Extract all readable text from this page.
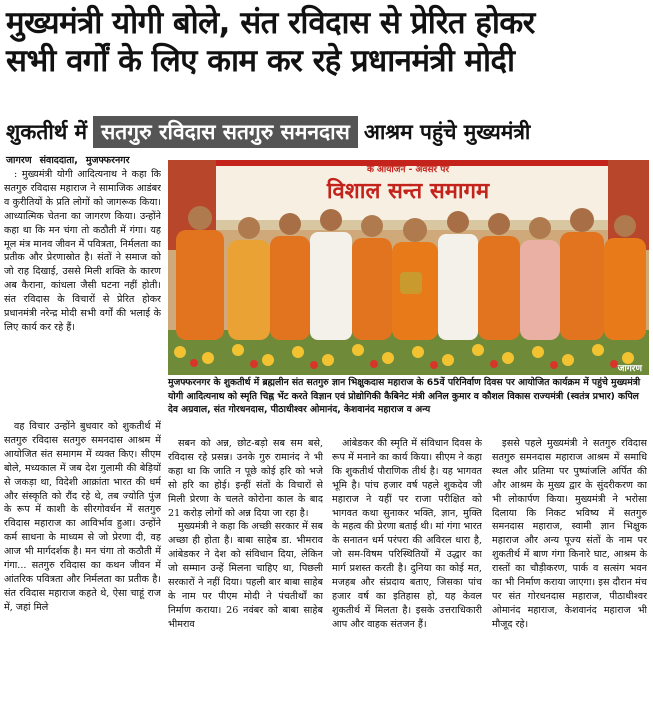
मुख्यमंत्री योगी बोले, संत रविदास से प्रेरित होकर
सभी वर्गों के लिए काम कर रहे प्रधानमंत्री मोदी
शुकतीर्थ में सतगुरु रविदास सतगुरु समनदास आश्रम पहुंचे मुख्यमंत्री
जागरण संवाददाता, मुजफ्फरनगर

: मुख्यमंत्री योगी आदित्यनाथ ने कहा कि सतगुरु रविदास महाराज ने सामाजिक आडंबर व कुरीतियों के प्रति लोगों को जागरूक किया। आध्यात्मिक चेतना का जागरण किया। उन्होंने कहा था कि मन चंगा तो कठौती में गंगा। यह मूल मंत्र मानव जीवन में पवित्रता, निर्मलता का प्रतीक और प्रेरणास्रोत है। संतों ने समाज को जो राह दिखाई, उससे मिली शक्ति के कारण अब कैराना, कांधला जैसी घटना नहीं होती। संत रविदास के विचारों से प्रेरित होकर प्रधानमंत्री नरेन्द्र मोदी सभी वर्गों की भलाई के लिए कार्य कर रहे हैं।

वह विचार उन्होंने बुधवार को शुकतीर्थ में सतगुरु रविदास सतगुरु समनदास आश्रम में आयोजित संत समागम में व्यक्त किए। सीएम बोले, मध्यकाल में जब देश गुलामी की बेड़ियों से जकड़ा था, विदेशी आक्रांता भारत की धर्म और संस्कृति को रौंद रहे थे, तब ज्योति पुंज के रूप में काशी के सीरगोवर्धन में सतगुरु रविदास महाराज का आविर्भाव हुआ। उन्होंने कर्म साधना के माध्यम से जो प्रेरणा दी, वह आज भी मार्गदर्शक है। मन चंगा तो कठौती में गंगा... सतगुरु रविदास का कथन जीवन में आंतरिक पवित्रता और निर्मलता का प्रतीक है। संत रविदास महाराज कहते थे, ऐसा चाहूं राज में, जहां मिले

के आयोजन - अवसर पर
विशाल सन्त समागम
जागरण
मुजफ्फरनगर के शुकतीर्थ में ब्रह्मलीन संत सतगुरु ज्ञान भिक्षुकदास महाराज के 65वें परिनिर्वाण दिवस पर आयोजित कार्यक्रम में पहुंचे मुख्यमंत्री योगी आदित्यनाथ को स्मृति चिह्न भेंट करते विज्ञान एवं प्रोद्योगिकी कैबिनेट मंत्री अनिल कुमार व कौशल विकास राज्यमंत्री (स्वतंत्र प्रभार) कपिल देव अग्रवाल, संत गोरधनदास, पीठाधीश्वर ओमानंद, केशवानंद महाराज व अन्य

सबन को अन्न, छोट-बड़ो सब सम बसे, रविदास रहे प्रसन्न। उनके गुरु रामानंद ने भी कहा था कि जाति न पूछे कोई हरि को भजे सो हरि का होई। इन्हीं संतों के विचारों से मिली प्रेरणा के चलते कोरोना काल के बाद 21 करोड़ लोगों को अन्न दिया जा रहा है।

मुख्यमंत्री ने कहा कि अच्छी सरकार में सब अच्छा ही होता है। बाबा साहेब डा. भीमराव आंबेडकर ने देश को संविधान दिया, लेकिन जो सम्मान उन्हें मिलना चाहिए था, पिछली सरकारों ने नहीं दिया। पहली बार बाबा साहेब के नाम पर पीएम मोदी ने पंचतीर्थों का निर्माण कराया। 26 नवंबर को बाबा साहेब भीमराव

आंबेडकर की स्मृति में संविधान दिवस के रूप में मनाने का कार्य किया। सीएम ने कहा कि शुकतीर्थ पौराणिक तीर्थ है। यह भागवत भूमि है। पांच हजार वर्ष पहले शुकदेव जी महाराज ने यहीं पर राजा परीक्षित को भागवत कथा सुनाकर भक्ति, ज्ञान, मुक्ति के महत्व की प्रेरणा बताई थी। मां गंगा भारत के सनातन धर्म परंपरा की अविरल धारा है, जो सम-विषम परिस्थितियों में उद्धार का मार्ग प्रशस्त करती है। दुनिया का कोई मत, मजहब और संप्रदाय बताए, जिसका पांच हजार वर्ष का इतिहास हो, यह केवल शुकतीर्थ में मिलता है। इसके उत्तराधिकारी आप और वाहक संतजन हैं।

इससे पहले मुख्यमंत्री ने सतगुरु रविदास सतगुरु समनदास महाराज आश्रम में समाधि स्थल और प्रतिमा पर पुष्पांजलि अर्पित की और आश्रम के मुख्य द्वार के सुंदरीकरण का भी लोकार्पण किया। मुख्यमंत्री ने भरोसा दिलाया कि निकट भविष्य में सतगुरु समनदास महाराज, स्वामी ज्ञान भिक्षुक महाराज और अन्य पूज्य संतों के नाम पर शुकतीर्थ में बाण गंगा किनारे घाट, आश्रम के रास्तों का चौड़ीकरण, पार्क व सत्संग भवन का भी निर्माण कराया जाएगा। इस दौरान मंच पर संत गोरधनदास महाराज, पीठाधीश्वर ओमानंद महाराज, केशवानंद महाराज भी मौजूद रहे।
